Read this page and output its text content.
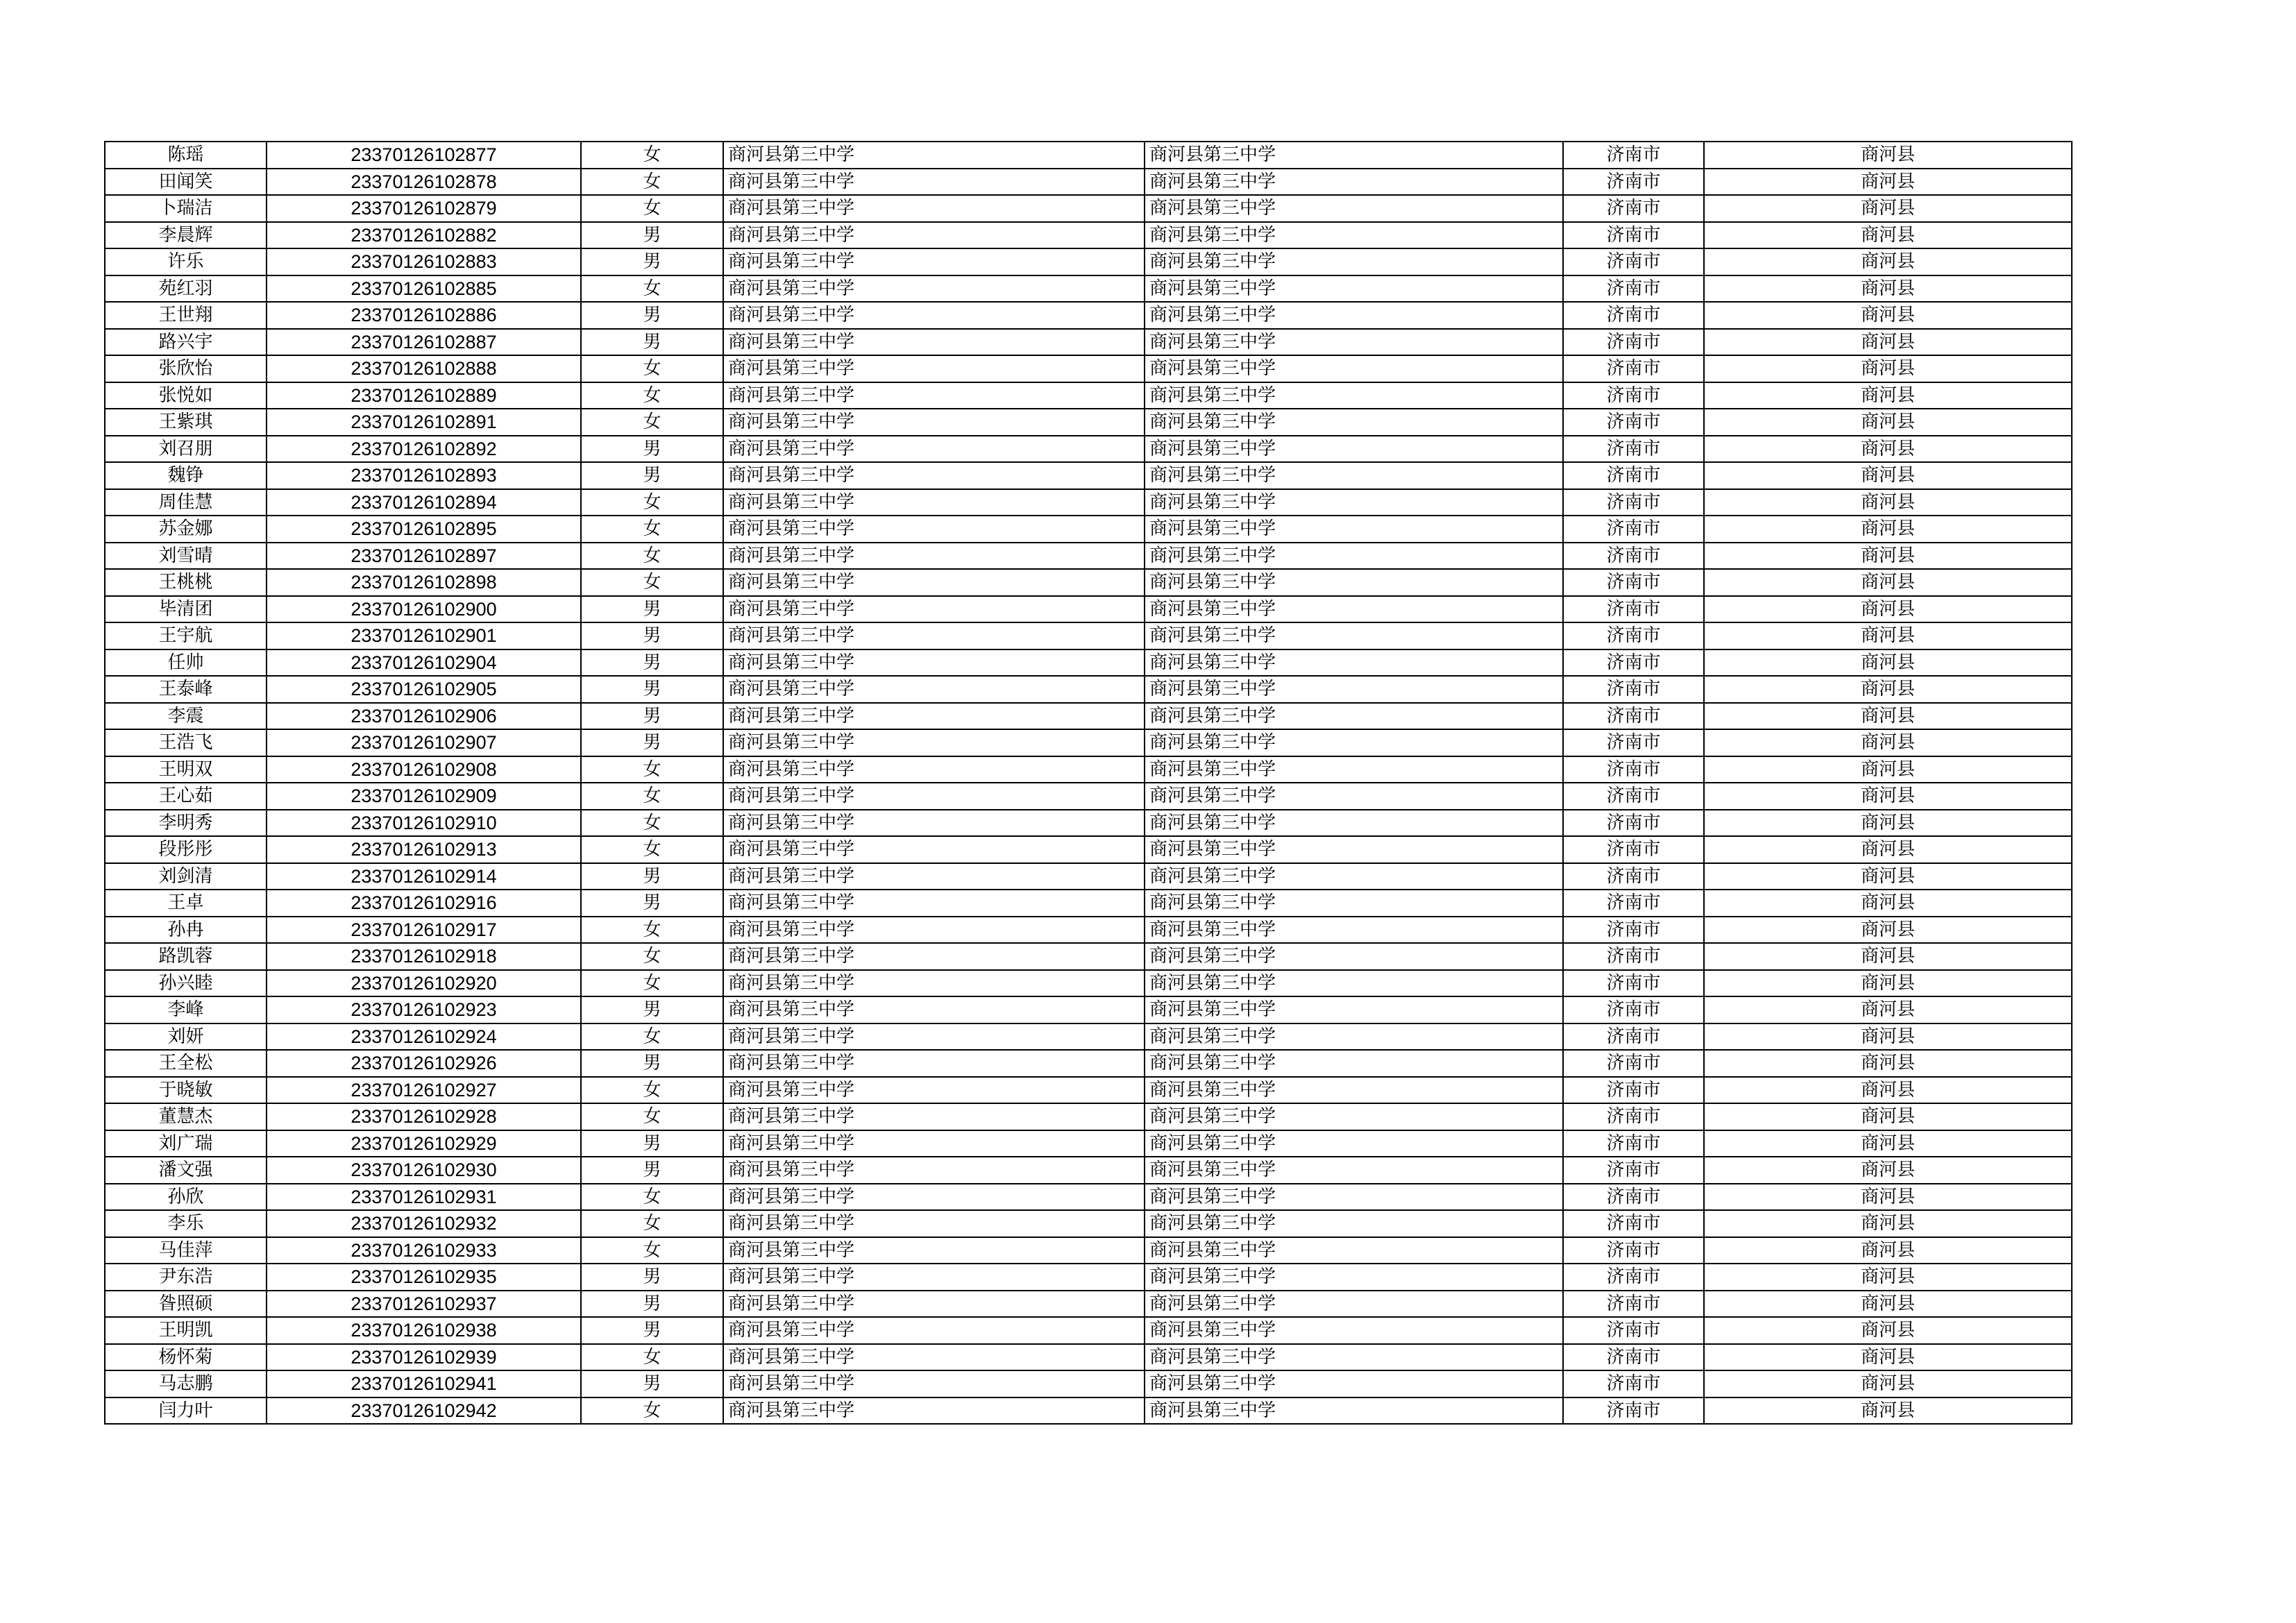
陈瑶	23370126102877	女	商河县第三中学	商河县第三中学	济南市	商河县
田闻笑	23370126102878	女	商河县第三中学	商河县第三中学	济南市	商河县
卜瑞洁	23370126102879	女	商河县第三中学	商河县第三中学	济南市	商河县
李晨辉	23370126102882	男	商河县第三中学	商河县第三中学	济南市	商河县
许乐	23370126102883	男	商河县第三中学	商河县第三中学	济南市	商河县
苑红羽	23370126102885	女	商河县第三中学	商河县第三中学	济南市	商河县
王世翔	23370126102886	男	商河县第三中学	商河县第三中学	济南市	商河县
路兴宇	23370126102887	男	商河县第三中学	商河县第三中学	济南市	商河县
张欣怡	23370126102888	女	商河县第三中学	商河县第三中学	济南市	商河县
张悦如	23370126102889	女	商河县第三中学	商河县第三中学	济南市	商河县
王紫琪	23370126102891	女	商河县第三中学	商河县第三中学	济南市	商河县
刘召朋	23370126102892	男	商河县第三中学	商河县第三中学	济南市	商河县
魏铮	23370126102893	男	商河县第三中学	商河县第三中学	济南市	商河县
周佳慧	23370126102894	女	商河县第三中学	商河县第三中学	济南市	商河县
苏金娜	23370126102895	女	商河县第三中学	商河县第三中学	济南市	商河县
刘雪晴	23370126102897	女	商河县第三中学	商河县第三中学	济南市	商河县
王桃桃	23370126102898	女	商河县第三中学	商河县第三中学	济南市	商河县
毕清团	23370126102900	男	商河县第三中学	商河县第三中学	济南市	商河县
王宇航	23370126102901	男	商河县第三中学	商河县第三中学	济南市	商河县
任帅	23370126102904	男	商河县第三中学	商河县第三中学	济南市	商河县
王泰峰	23370126102905	男	商河县第三中学	商河县第三中学	济南市	商河县
李震	23370126102906	男	商河县第三中学	商河县第三中学	济南市	商河县
王浩飞	23370126102907	男	商河县第三中学	商河县第三中学	济南市	商河县
王明双	23370126102908	女	商河县第三中学	商河县第三中学	济南市	商河县
王心茹	23370126102909	女	商河县第三中学	商河县第三中学	济南市	商河县
李明秀	23370126102910	女	商河县第三中学	商河县第三中学	济南市	商河县
段彤彤	23370126102913	女	商河县第三中学	商河县第三中学	济南市	商河县
刘剑清	23370126102914	男	商河县第三中学	商河县第三中学	济南市	商河县
王卓	23370126102916	男	商河县第三中学	商河县第三中学	济南市	商河县
孙冉	23370126102917	女	商河县第三中学	商河县第三中学	济南市	商河县
路凯蓉	23370126102918	女	商河县第三中学	商河县第三中学	济南市	商河县
孙兴睦	23370126102920	女	商河县第三中学	商河县第三中学	济南市	商河县
李峰	23370126102923	男	商河县第三中学	商河县第三中学	济南市	商河县
刘妍	23370126102924	女	商河县第三中学	商河县第三中学	济南市	商河县
王全松	23370126102926	男	商河县第三中学	商河县第三中学	济南市	商河县
于晓敏	23370126102927	女	商河县第三中学	商河县第三中学	济南市	商河县
董慧杰	23370126102928	女	商河县第三中学	商河县第三中学	济南市	商河县
刘广瑞	23370126102929	男	商河县第三中学	商河县第三中学	济南市	商河县
潘文强	23370126102930	男	商河县第三中学	商河县第三中学	济南市	商河县
孙欣	23370126102931	女	商河县第三中学	商河县第三中学	济南市	商河县
李乐	23370126102932	女	商河县第三中学	商河县第三中学	济南市	商河县
马佳萍	23370126102933	女	商河县第三中学	商河县第三中学	济南市	商河县
尹东浩	23370126102935	男	商河县第三中学	商河县第三中学	济南市	商河县
昝照硕	23370126102937	男	商河县第三中学	商河县第三中学	济南市	商河县
王明凯	23370126102938	男	商河县第三中学	商河县第三中学	济南市	商河县
杨怀菊	23370126102939	女	商河县第三中学	商河县第三中学	济南市	商河县
马志鹏	23370126102941	男	商河县第三中学	商河县第三中学	济南市	商河县
闫力叶	23370126102942	女	商河县第三中学	商河县第三中学	济南市	商河县
